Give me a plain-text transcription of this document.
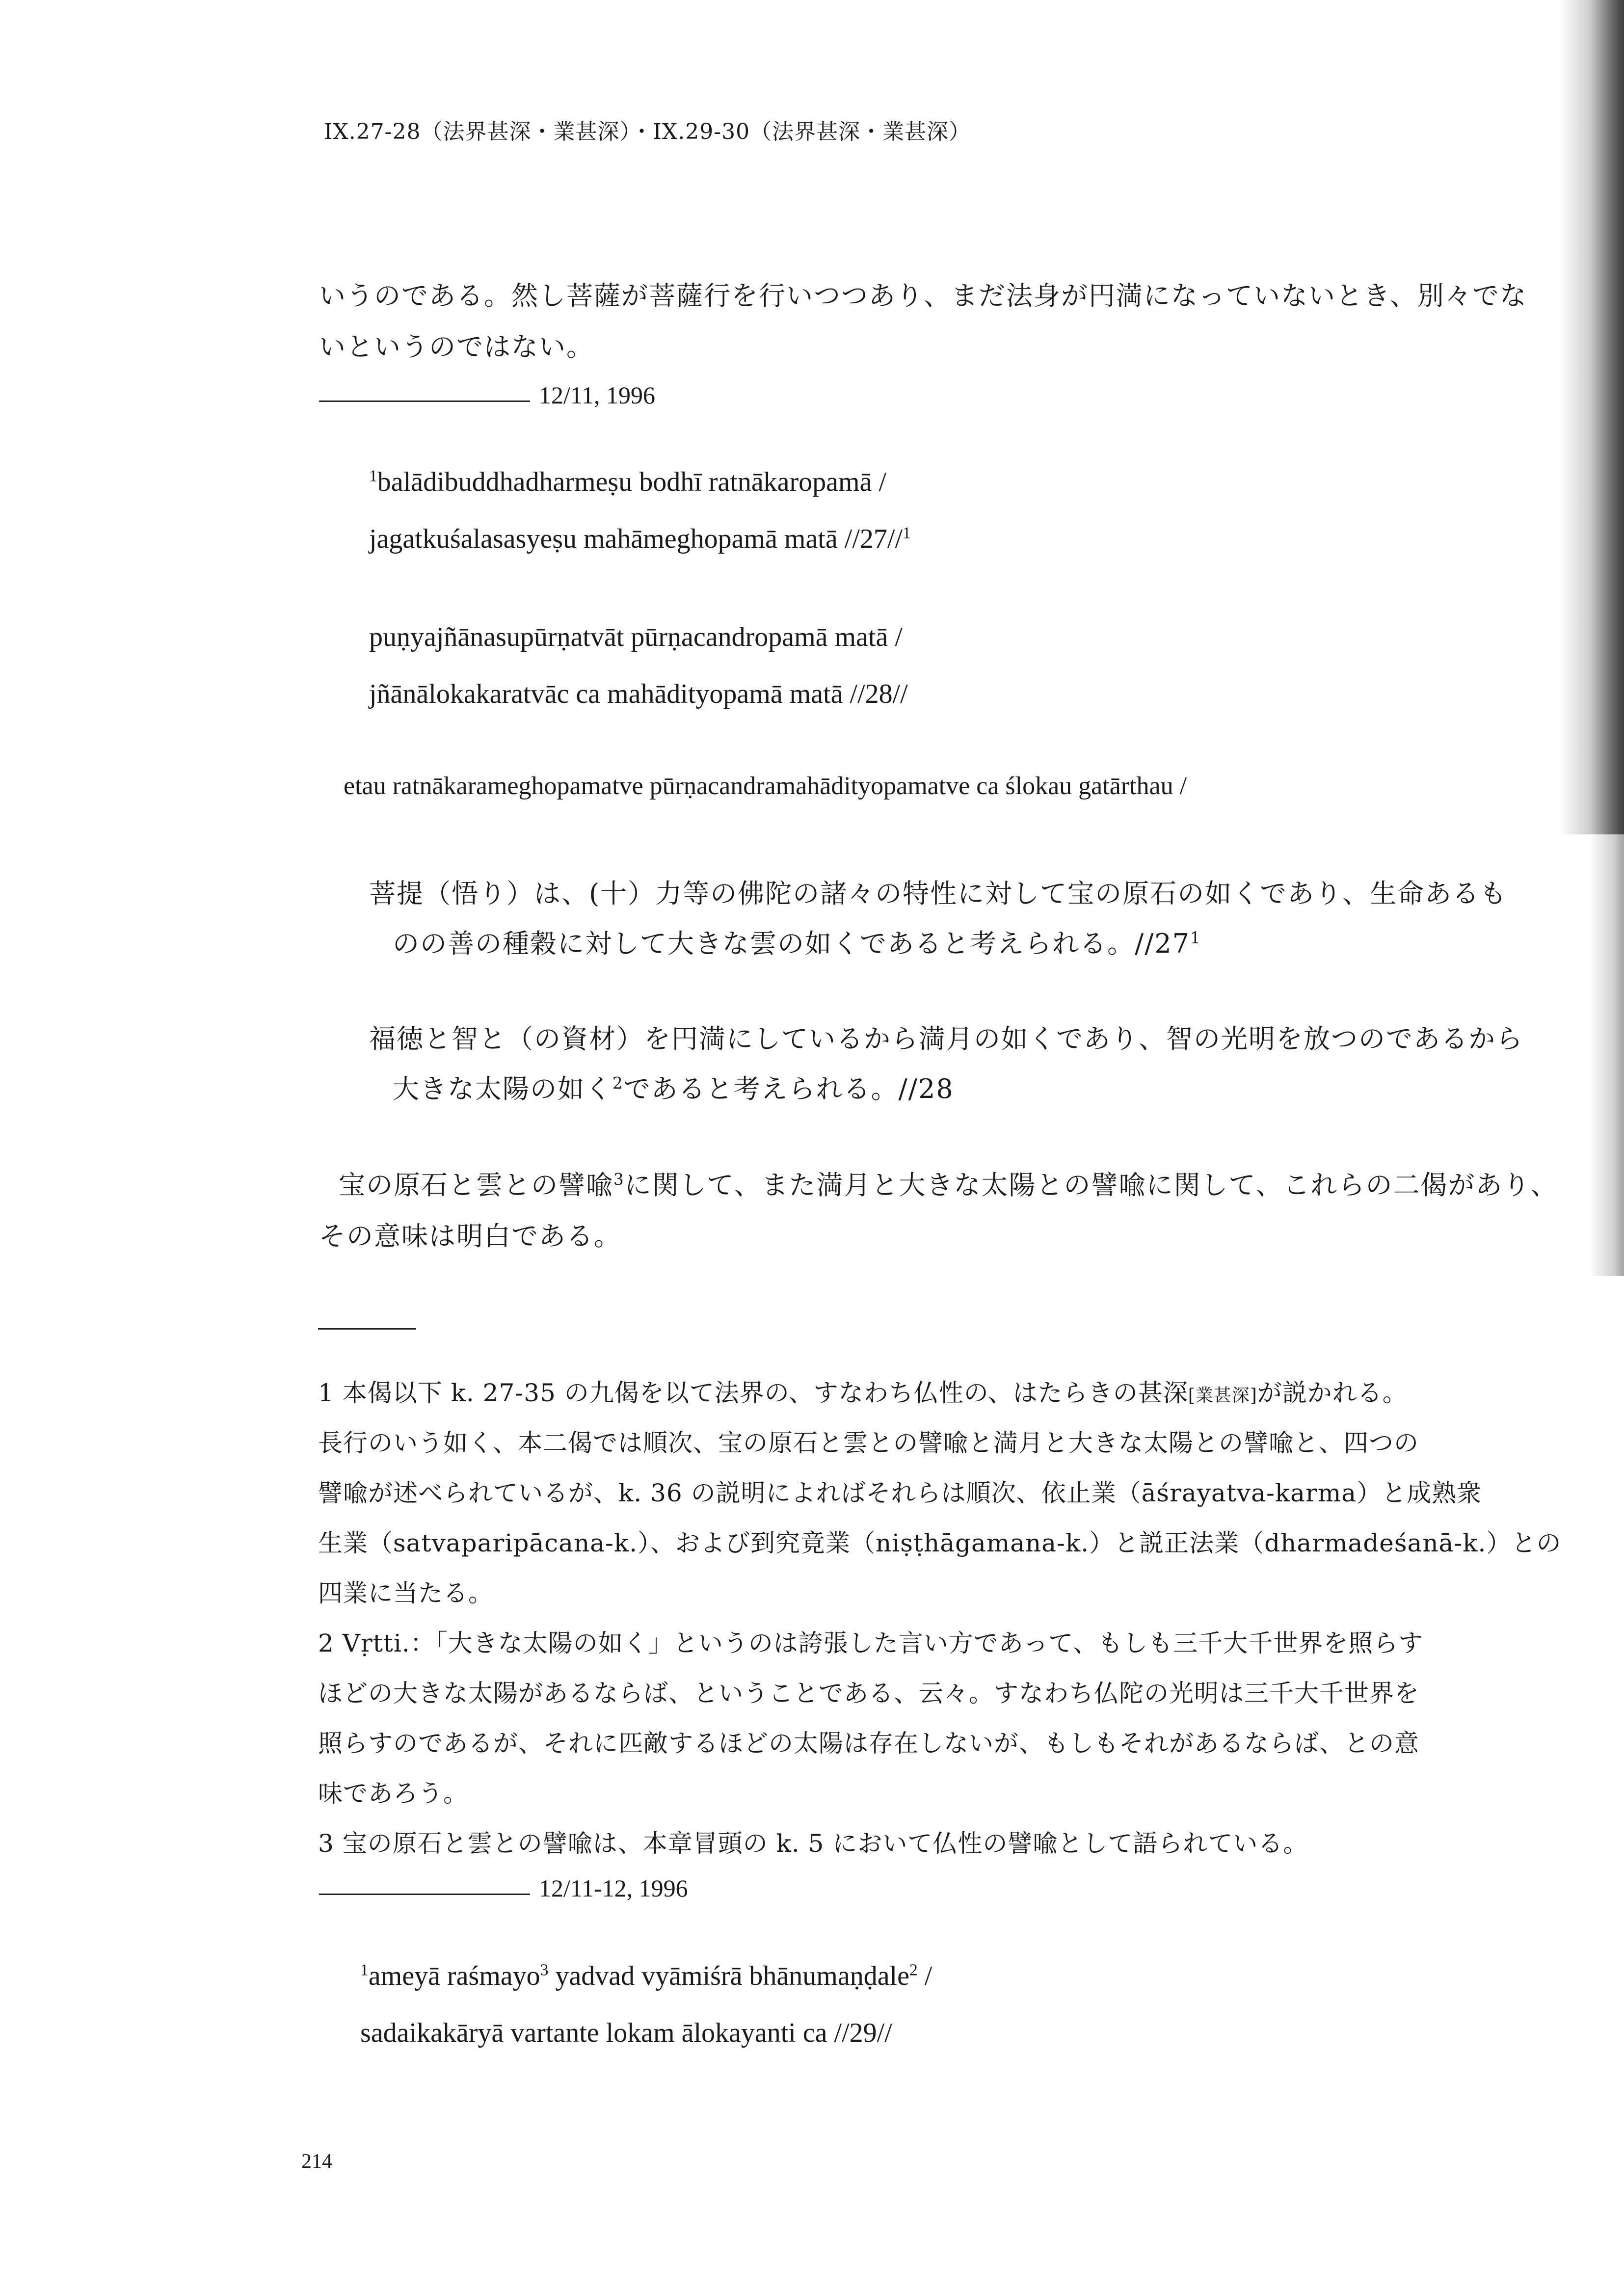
IX.27-28（法界甚深・業甚深）・IX.29-30（法界甚深・業甚深）
いうのである。然し菩薩が菩薩行を行いつつあり、まだ法身が円満になっていないとき、別々でな
いというのではない。
12/11, 1996
$^1$balādibuddhadharmeṣu bodhī ratnākaropamā /
jagatkuśalasasyeṣu mahāmeghopamā matā //27//$^1$
puṇyajñānasupūrṇatvāt pūrṇacandropamā matā /
jñānālokakaratvāc ca mahādityopamā matā //28//
etau ratnākarameghopamatve pūrṇacandramahādityopamatve ca ślokau gatārthau /
菩提（悟り）は、(十）力等の佛陀の諸々の特性に対して宝の原石の如くであり、生命あるも
のの善の種穀に対して大きな雲の如くであると考えられる。$//27^1$
福徳と智と（の資材）を円満にしているから満月の如くであり、智の光明を放つのであるから
大きな太陽の如く$^2$であると考えられる。//28
宝の原石と雲との譬喩$^3$に関して、また満月と大きな太陽との譬喩に関して、これらの二偈があり、
その意味は明白である。
1 本偈以下 k. 27-35 の九偈を以て法界の、すなわち仏性の、はたらきの甚深[業甚深]が説かれる。
長行のいう如く、本二偈では順次、宝の原石と雲との譬喩と満月と大きな太陽との譬喩と、四つの
譬喩が述べられているが、k. 36 の説明によればそれらは順次、依止業（āśrayatva-karma）と成熟衆
生業（satvaparipācana-k.）、および到究竟業（niṣṭhāgamana-k.）と説正法業（dharmadeśanā-k.）との
四業に当たる。
2 Vṛtti.：「大きな太陽の如く」というのは誇張した言い方であって、もしも三千大千世界を照らす
ほどの大きな太陽があるならば、ということである、云々。すなわち仏陀の光明は三千大千世界を
照らすのであるが、それに匹敵するほどの太陽は存在しないが、もしもそれがあるならば、との意
味であろう。
3 宝の原石と雲との譬喩は、本章冒頭の k. 5 において仏性の譬喩として語られている。
12/11-12, 1996
$^1$ameyā raśmayo$^3$ yadvad vyāmiśrā bhānumaṇḍale$^2$ /
sadaikakāryā vartante lokam ālokayanti ca //29//
214
